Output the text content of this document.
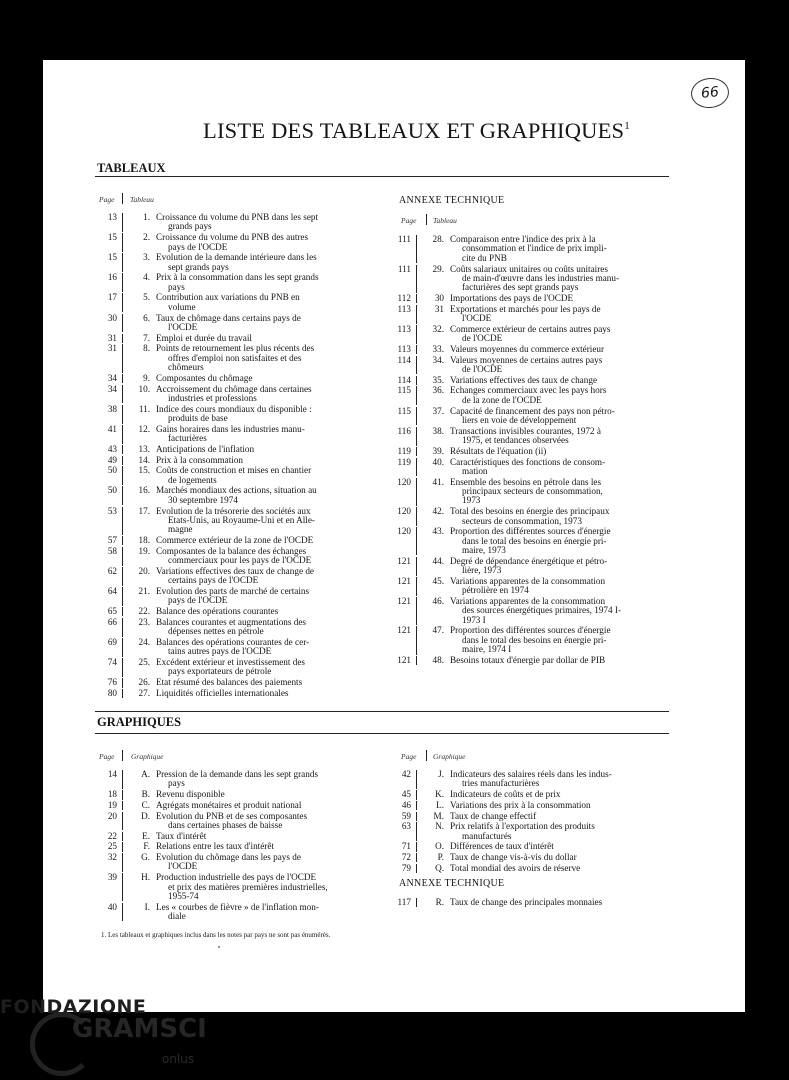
66
LISTE DES TABLEAUX ET GRAPHIQUES$^1$
TABLEAUX
Page Tableau	ANNEXE TECHNIQUE
Page Tableau
13	1. Croissance du volume du PNB dans les sept
grands pays
15	2. Croissance du volume du PNB des autres
pays de l'OCDE
15	3. Evolution de la demande intérieure dans les
sept grands pays
16	4. Prix à la consommation dans les sept grands
pays
17	5. Contribution aux variations du PNB en
volume
30	6. Taux de chômage dans certains pays de
l'OCDE
31	7. Emploi et durée du travail
31	8. Points de retournement les plus récents des
offres d'emploi non satisfaites et des
chômeurs
34	9. Composantes du chômage
34	10. Accroissement du chômage dans certaines
industries et professions
38	11. Indice des cours mondiaux du disponible :
produits de base
41	12. Gains horaires dans les industries manu-
facturières
43	13. Anticipations de l'inflation
49	14. Prix à la consommation
50	15. Coûts de construction et mises en chantier
de logements
50	16. Marchés mondiaux des actions, situation au
30 septembre 1974
53	17. Evolution de la trésorerie des sociétés aux
Etats-Unis, au Royaume-Uni et en Alle-
magne
57	18. Commerce extérieur de la zone de l'OCDE
58	19. Composantes de la balance des échanges
commerciaux pour les pays de l'OCDE
62	20. Variations effectives des taux de change de
certains pays de l'OCDE
64	21. Evolution des parts de marché de certains
pays de l'OCDE
65	22. Balance des opérations courantes
66	23. Balances courantes et augmentations des
dépenses nettes en pétrole
69	24. Balances des opérations courantes de cer-
tains autres pays de l'OCDE
74	25. Excédent extérieur et investissement des
pays exportateurs de pétrole
76	26. Etat résumé des balances des paiements
80	27. Liquidités officielles internationales
111	28. Comparaison entre l'indice des prix à la
consommation et l'indice de prix impli-
cite du PNB
111	29. Coûts salariaux unitaires ou coûts unitaires
de main-d'œuvre dans les industries manu-
facturières des sept grands pays
112	30 Importations des pays de l'OCDE
113	31 Exportations et marchés pour les pays de
l'OCDE
113	32. Commerce extérieur de certains autres pays
de l'OCDE
113	33. Valeurs moyennes du commerce extérieur
114	34. Valeurs moyennes de certains autres pays
de l'OCDE
114	35. Variations effectives des taux de change
115	36. Echanges commerciaux avec les pays hors
de la zone de l'OCDE
115	37. Capacité de financement des pays non pétro-
liers en voie de développement
116	38. Transactions invisibles courantes, 1972 à
1975, et tendances observées
119	39. Résultats de l'équation (ii)
119	40. Caractéristiques des fonctions de consom-
mation
120	41. Ensemble des besoins en pétrole dans les
principaux secteurs de consommation,
1973
120	42. Total des besoins en énergie des principaux
secteurs de consommation, 1973
120	43. Proportion des différentes sources d'énergie
dans le total des besoins en énergie pri-
maire, 1973
121	44. Degré de dépendance énergétique et pétro-
lière, 1973
121	45. Variations apparentes de la consommation
pétrolière en 1974
121	46. Variations apparentes de la consommation
des sources énergétiques primaires, 1974 I-
1973 I
121	47. Proportion des différentes sources d'énergie
dans le total des besoins en énergie pri-
maire, 1974 I
121	48. Besoins totaux d'énergie par dollar de PIB
GRAPHIQUES
Page Graphique	Page Graphique
14	A. Pression de la demande dans les sept grands
pays
18	B. Revenu disponible
19	C. Agrégats monétaires et produit national
20	D. Evolution du PNB et de ses composantes
dans certaines phases de baisse
22	E. Taux d'intérêt
25	F. Relations entre les taux d'intérêt
32	G. Evolution du chômage dans les pays de
l'OCDE
39	H. Production industrielle des pays de l'OCDE
et prix des matières premières industrielles,
1955-74
40	I. Les « courbes de fièvre » de l'inflation mon-
diale
42	J. Indicateurs des salaires réels dans les indus-
tries manufacturières
45	K. Indicateurs de coûts et de prix
46	L. Variations des prix à la consommation
59	M. Taux de change effectif
63	N. Prix relatifs à l'exportation des produits
manufacturés
71	O. Différences de taux d'intérêt
72	P. Taux de change vis-à-vis du dollar
79	Q. Total mondial des avoirs de réserve
ANNEXE TECHNIQUE
117	R. Taux de change des principales monnaies
1. Les tableaux et graphiques inclus dans les notes par pays ne sont pas énumérés.
FONDAZIONE
GRAMSCI
onlus
